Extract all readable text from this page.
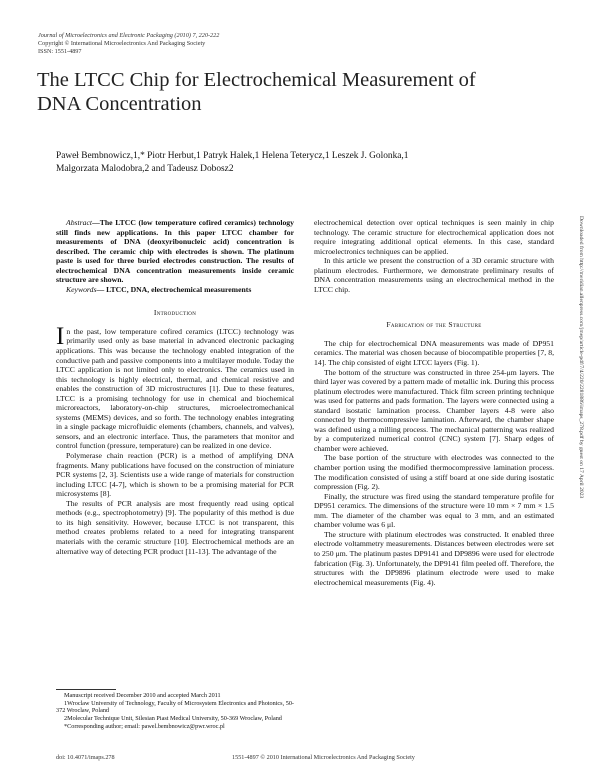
Journal of Microelectronics and Electronic Packaging (2010) 7, 220-222
Copyright © International Microelectronics And Packaging Society
ISSN: 1551-4897
The LTCC Chip for Electrochemical Measurement of DNA Concentration
Paweł Bembnowicz,1,* Piotr Herbut,1 Patryk Halek,1 Helena Teterycz,1 Leszek J. Golonka,1
Malgorzata Malodobra,2 and Tadeusz Dobosz2

Abstract—The LTCC (low temperature cofired ceramics) technology still finds new applications. In this paper LTCC chamber for measurements of DNA (deoxyribonucleic acid) concentration is described. The ceramic chip with electrodes is shown. The platinum paste is used for three buried electrodes construction. The results of electrochemical DNA concentration measurements inside ceramic structure are shown.

Keywords— LTCC, DNA, electrochemical measurements

Introduction

In the past, low temperature cofired ceramics (LTCC) technology was primarily used only as base material in advanced electronic packaging applications. This was because the technology enabled integration of the conductive path and passive components into a multilayer module. Today the LTCC application is not limited only to electronics. The ceramics used in this technology is highly electrical, thermal, and chemical resistive and enables the construction of 3D microstructures [1]. Due to these features, LTCC is a promising technology for use in chemical and biochemical microreactors, laboratory-on-chip structures, microelectromechanical systems (MEMS) devices, and so forth. The technology enables integrating in a single package microfluidic elements (chambers, channels, and valves), sensors, and an electronic interface. Thus, the parameters that monitor and control function (pressure, temperature) can be realized in one device.

Polymerase chain reaction (PCR) is a method of amplifying DNA fragments. Many publications have focused on the construction of miniature PCR systems [2, 3]. Scientists use a wide range of materials for construction including LTCC [4-7], which is shown to be a promising material for PCR microsystems [8].

The results of PCR analysis are most frequently read using optical methods (e.g., spectrophotometry) [9]. The popularity of this method is due to its high sensitivity. However, because LTCC is not transparent, this method creates problems related to a need for integrating transparent materials with the ceramic structure [10]. Electrochemical methods are an alternative way of detecting PCR product [11-13]. The advantage of the

Manuscript received December 2010 and accepted March 2011

1Wroclaw University of Technology, Faculty of Microsystem Electronics and Photonics, 50-372 Wroclaw, Poland

2Molecular Technique Unit, Silesian Piast Medical University, 50-369 Wroclaw, Poland

*Corresponding author; email: pawel.bembnowicz@pwr.wroc.pl

electrochemical detection over optical techniques is seen mainly in chip technology. The ceramic structure for electrochemical application does not require integrating additional optical elements. In this case, standard microelectronics techniques can be applied.

In this article we present the construction of a 3D ceramic structure with platinum electrodes. Furthermore, we demonstrate preliminary results of DNA concentration measurements using an electrochemical method in the LTCC chip.

Fabrication of the Structure

The chip for electrochemical DNA measurements was made of DP951 ceramics. The material was chosen because of biocompatible properties [7, 8, 14]. The chip consisted of eight LTCC layers (Fig. 1).

The bottom of the structure was constructed in three 254-μm layers. The third layer was covered by a pattern made of metallic ink. During this process platinum electrodes were manufactured. Thick film screen printing technique was used for patterns and pads formation. The layers were connected using a standard isostatic lamination process. Chamber layers 4-8 were also connected by thermocompressive lamination. Afterward, the chamber shape was defined using a milling process. The mechanical patterning was realized by a computerized numerical control (CNC) system [7]. Sharp edges of chamber were achieved.

The base portion of the structure with electrodes was connected to the chamber portion using the modified thermocompressive lamination process. The modification consisted of using a stiff board at one side during isostatic compression (Fig. 2).

Finally, the structure was fired using the standard temperature profile for DP951 ceramics. The dimensions of the structure were 10 mm × 7 mm × 1.5 mm. The diameter of the chamber was equal to 3 mm, and an estimated chamber volume was 6 μl.

The structure with platinum electrodes was constructed. It enabled three electrode voltammetry measurements. Distances between electrodes were set to 250 μm. The platinum pastes DP9141 and DP9896 were used for electrode fabrication (Fig. 3). Unfortunately, the DP9141 film peeled off. Therefore, the structures with the DP9896 platinum electrode were used to make electrochemical measurements (Fig. 4).

doi: 10.4071/imaps.278	1551-4897 © 2010 International Microelectronics And Packaging Society
Downloaded from http://meridian.allenpress.com/jmep/article-pdf/7/4/220/2281886/imaps_278.pdf by guest on 17 April 2023
